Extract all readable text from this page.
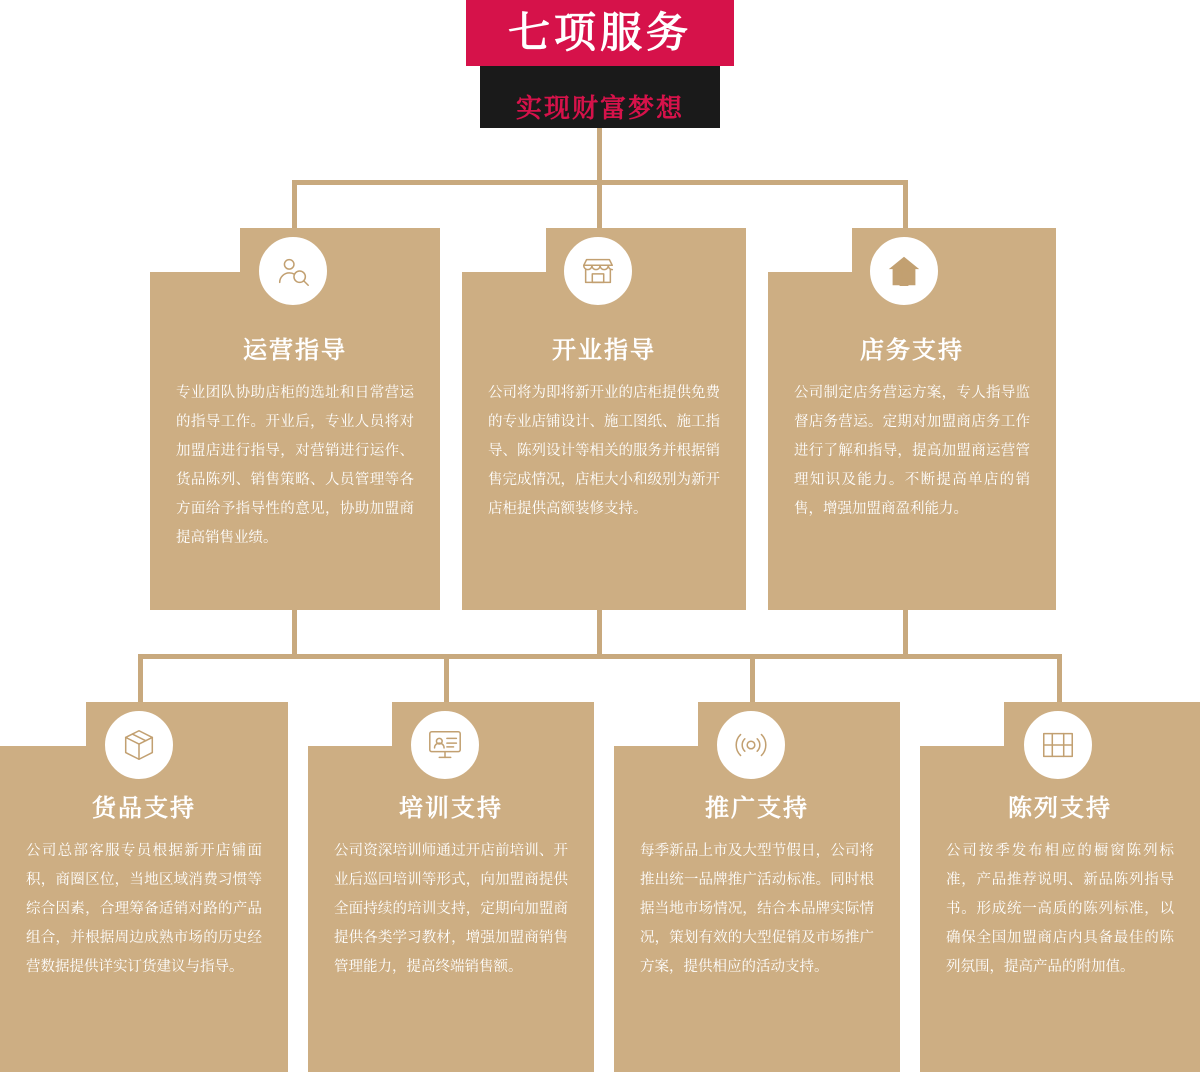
七项服务
实现财富梦想
运营指导
专业团队协助店柜的选址和日常营运的指导工作。开业后，专业人员将对加盟店进行指导，对营销进行运作、货品陈列、销售策略、人员管理等各方面给予指导性的意见，协助加盟商提高销售业绩。
开业指导
公司将为即将新开业的店柜提供免费的专业店铺设计、施工图纸、施工指导、陈列设计等相关的服务并根据销售完成情况，店柜大小和级别为新开店柜提供高额装修支持。
店务支持
公司制定店务营运方案，专人指导监督店务营运。定期对加盟商店务工作进行了解和指导，提高加盟商运营管理知识及能力。不断提高单店的销售，增强加盟商盈利能力。
货品支持
公司总部客服专员根据新开店铺面积，商圈区位，当地区域消费习惯等综合因素，合理筹备适销对路的产品组合，并根据周边成熟市场的历史经营数据提供详实订货建议与指导。
培训支持
公司资深培训师通过开店前培训、开业后巡回培训等形式，向加盟商提供全面持续的培训支持，定期向加盟商提供各类学习教材，增强加盟商销售管理能力，提高终端销售额。
推广支持
每季新品上市及大型节假日，公司将推出统一品牌推广活动标准。同时根据当地市场情况，结合本品牌实际情况，策划有效的大型促销及市场推广方案，提供相应的活动支持。
陈列支持
公司按季发布相应的橱窗陈列标准，产品推荐说明、新品陈列指导书。形成统一高质的陈列标准，以确保全国加盟商店内具备最佳的陈列氛围，提高产品的附加值。
